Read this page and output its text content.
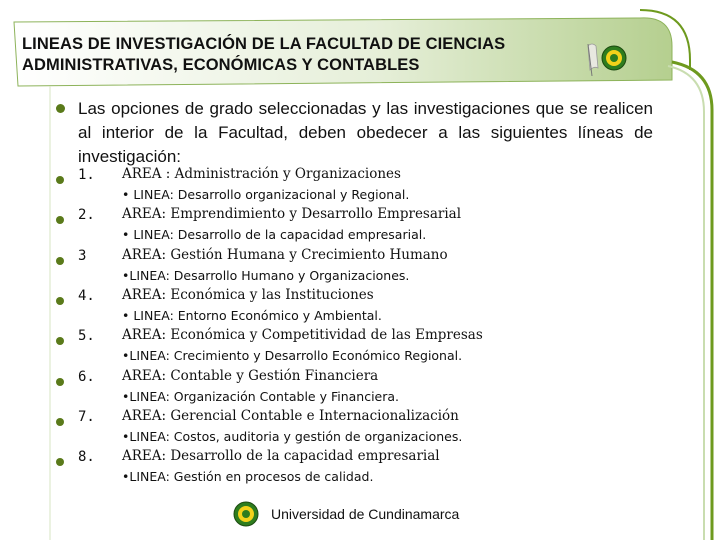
LINEAS DE INVESTIGACIÓN DE LA FACULTAD DE CIENCIAS
ADMINISTRATIVAS, ECONÓMICAS Y CONTABLES
Las opciones de grado seleccionadas y las investigaciones que se realicen al interior de la Facultad, deben obedecer a las siguientes líneas de investigación:
1. AREA : Administración y Organizaciones
• LINEA: Desarrollo organizacional y Regional.
2. AREA: Emprendimiento y Desarrollo Empresarial
• LINEA: Desarrollo de la capacidad empresarial.
3	AREA: Gestión Humana y Crecimiento Humano
•LINEA: Desarrollo Humano y Organizaciones.
4. AREA: Económica y las Instituciones
• LINEA: Entorno Económico y Ambiental.
5. AREA: Económica y Competitividad de las Empresas
•LINEA: Crecimiento y Desarrollo Económico Regional.
6. AREA: Contable y Gestión Financiera
•LINEA: Organización Contable y Financiera.
7. AREA: Gerencial Contable e Internacionalización
•LINEA: Costos, auditoria y gestión de organizaciones.
8. AREA: Desarrollo de la capacidad empresarial
•LINEA: Gestión en procesos de calidad.
Universidad de Cundinamarca
